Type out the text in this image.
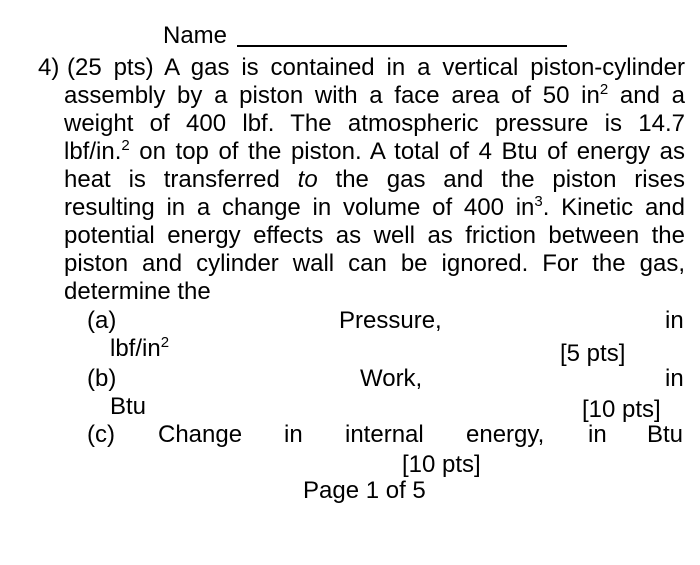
Name
4) (25 pts) A gas is contained in a vertical piston-cylinder
assembly by a piston with a face area of 50 $in^2$ and a
weight of 400 lbf. The atmospheric pressure is 14.7
lbf/in.$^2$ on top of the piston. A total of 4 Btu of energy as
heat is transferred to the gas and the piston rises
resulting in a change in volume of 400 $in^3$. Kinetic and
potential energy effects as well as friction between the
piston and cylinder wall can be ignored. For the gas,
determine the
(a)	Pressure,	in
lbf/$in^2$	[5 pts]
(b)	Work,	in
Btu	[10 pts]
(c) Change in internal energy, in Btu
[10 pts]
Page 1 of 5
